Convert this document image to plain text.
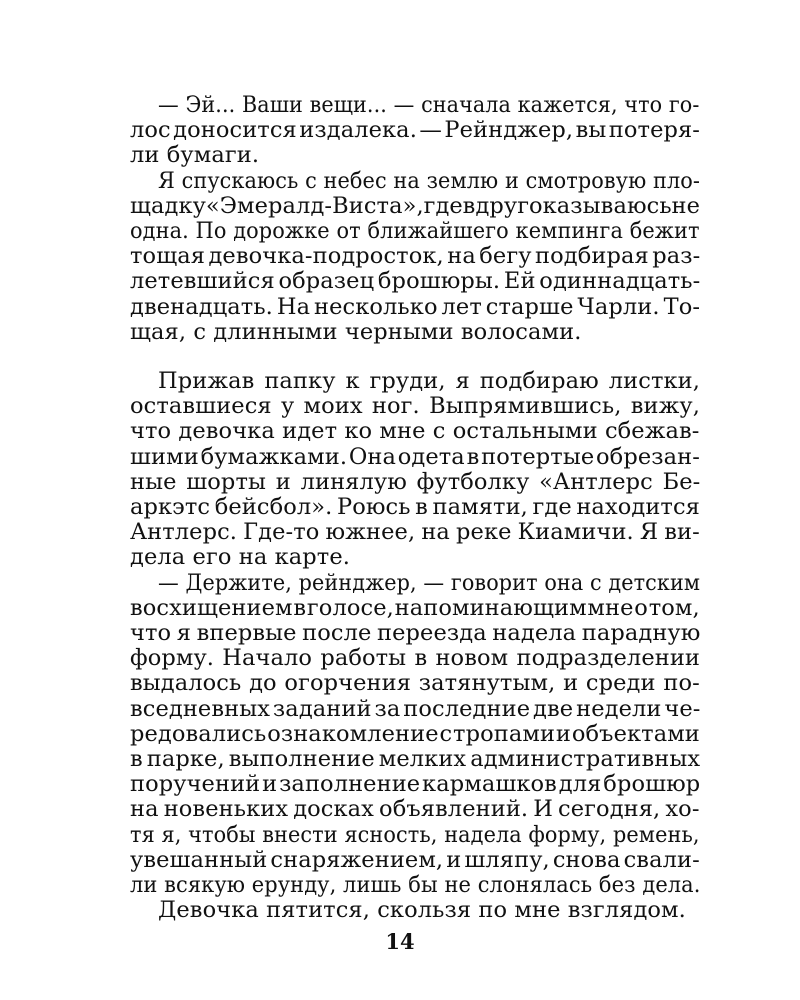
— Эй... Ваши вещи... — сначала кажется, что го-
лос доносится издалека. — Рейнджер, вы потеря-
ли бумаги.
Я спускаюсь с небес на землю и смотровую пло-
щадку «Эмералд-Виста», где вдруг оказываюсь не
одна. По дорожке от ближайшего кемпинга бежит
тощая девочка-подросток, на бегу подбирая раз-
летевшийся образец брошюры. Ей одиннадцать-
двенадцать. На несколько лет старше Чарли. То-
щая, с длинными черными волосами.
Прижав папку к груди, я подбираю листки,
оставшиеся у моих ног. Выпрямившись, вижу,
что девочка идет ко мне с остальными сбежав-
шими бумажками. Она одета в потертые обрезан-
ные шорты и линялую футболку «Антлерс Бе-
аркэтс бейсбол». Роюсь в памяти, где находится
Антлерс. Где-то южнее, на реке Киамичи. Я ви-
дела его на карте.
— Держите, рейнджер, — говорит она с детским
восхищением в голосе, напоминающим мне о том,
что я впервые после переезда надела парадную
форму. Начало работы в новом подразделении
выдалось до огорчения затянутым, и среди по-
вседневных заданий за последние две недели че-
редовались ознакомление с тропами и объектами
в парке, выполнение мелких административных
поручений и заполнение кармашков для брошюр
на новеньких досках объявлений. И сегодня, хо-
тя я, чтобы внести ясность, надела форму, ремень,
увешанный снаряжением, и шляпу, снова свали-
ли всякую ерунду, лишь бы не слонялась без дела.
Девочка пятится, скользя по мне взглядом.
14
